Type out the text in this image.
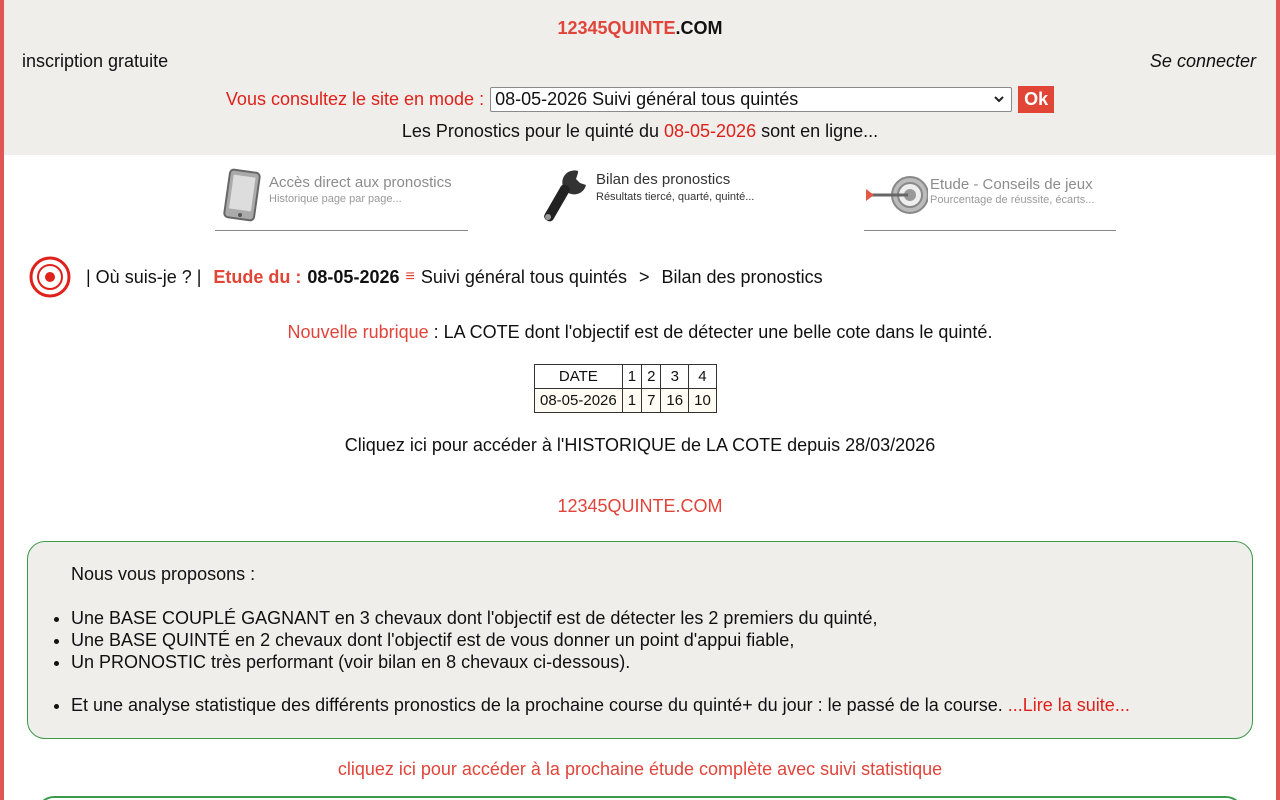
12345QUINTE.COM
inscription gratuite	Se connecter
Vous consultez le site en mode : 08-05-2026 Suivi général tous quintés	Ok
Les Pronostics pour le quinté du 08-05-2026 sont en ligne...
Accès direct aux pronostics
Historique page par page...
Bilan des pronostics
Résultats tiercé, quarté, quinté...
Etude - Conseils de jeux
Pourcentage de réussite, écarts...
| Où suis-je ? | Etude du : 08-05-2026 ≡ Suivi général tous quintés > Bilan des pronostics
Nouvelle rubrique : LA COTE dont l'objectif est de détecter une belle cote dans le quinté.
DATE	1	2	3	4
08-05-2026	1	7	16	10
Cliquez ici pour accéder à l'HISTORIQUE de LA COTE depuis 28/03/2026
12345QUINTE.COM
Nous vous proposons :
• Une BASE COUPLÉ GAGNANT en 3 chevaux dont l'objectif est de détecter les 2 premiers du quinté,
• Une BASE QUINTÉ en 2 chevaux dont l'objectif est de vous donner un point d'appui fiable,
• Un PRONOSTIC très performant (voir bilan en 8 chevaux ci-dessous).
• Et une analyse statistique des différents pronostics de la prochaine course du quinté+ du jour : le passé de la course. ...Lire la suite...
cliquez ici pour accéder à la prochaine étude complète avec suivi statistique
